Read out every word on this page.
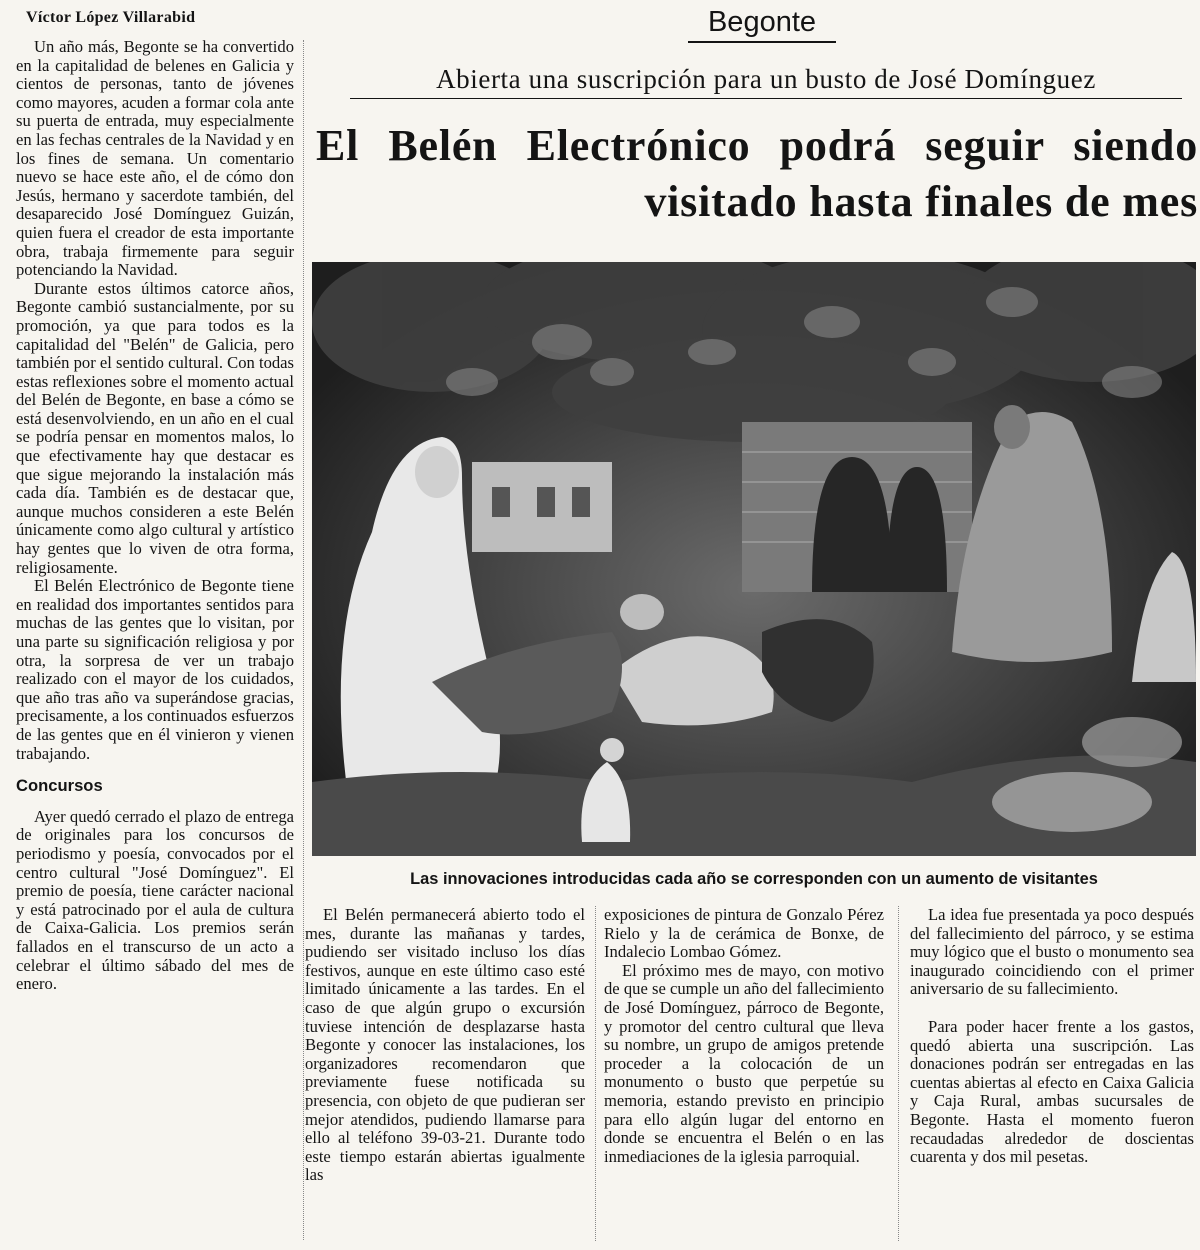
Víctor López Villarabid	Begonte
Abierta una suscripción para un busto de José Domínguez
El Belén Electrónico podrá seguir siendo visitado hasta finales de mes

Un año más, Begonte se ha convertido en la capitalidad de belenes en Galicia y cientos de personas, tanto de jóvenes como mayores, acuden a formar cola ante su puerta de entrada, muy especialmente en las fechas centrales de la Navidad y en los fines de semana. Un comentario nuevo se hace este año, el de cómo don Jesús, hermano y sacerdote también, del desaparecido José Domínguez Guizán, quien fuera el creador de esta importante obra, trabaja firmemente para seguir potenciando la Navidad.

Durante estos últimos catorce años, Begonte cambió sustancialmente, por su promoción, ya que para todos es la capitalidad del "Belén" de Galicia, pero también por el sentido cultural. Con todas estas reflexiones sobre el momento actual del Belén de Begonte, en base a cómo se está desenvolviendo, en un año en el cual se podría pensar en momentos malos, lo que efectivamente hay que destacar es que sigue mejorando la instalación más cada día. También es de destacar que, aunque muchos consideren a este Belén únicamente como algo cultural y artístico hay gentes que lo viven de otra forma, religiosamente.

El Belén Electrónico de Begonte tiene en realidad dos importantes sentidos para muchas de las gentes que lo visitan, por una parte su significación religiosa y por otra, la sorpresa de ver un trabajo realizado con el mayor de los cuidados, que año tras año va superándose gracias, precisamente, a los continuados esfuerzos de las gentes que en él vinieron y vienen trabajando.

Concursos

Ayer quedó cerrado el plazo de entrega de originales para los concursos de periodismo y poesía, convocados por el centro cultural "José Domínguez". El premio de poesía, tiene carácter nacional y está patrocinado por el aula de cultura de Caixa-Galicia. Los premios serán fallados en el transcurso de un acto a celebrar el último sábado del mes de enero.

Las innovaciones introducidas cada año se corresponden con un aumento de visitantes

El Belén permanecerá abierto todo el mes, durante las mañanas y tardes, pudiendo ser visitado incluso los días festivos, aunque en este último caso esté limitado únicamente a las tardes. En el caso de que algún grupo o excursión tuviese intención de desplazarse hasta Begonte y conocer las instalaciones, los organizadores recomendaron que previamente fuese notificada su presencia, con objeto de que pudieran ser mejor atendidos, pudiendo llamarse para ello al teléfono 39-03-21. Durante todo este tiempo estarán abiertas igualmente las

exposiciones de pintura de Gonzalo Pérez Rielo y la de cerámica de Bonxe, de Indalecio Lombao Gómez.

El próximo mes de mayo, con motivo de que se cumple un año del fallecimiento de José Domínguez, párroco de Begonte, y promotor del centro cultural que lleva su nombre, un grupo de amigos pretende proceder a la colocación de un monumento o busto que perpetúe su memoria, estando previsto en principio para ello algún lugar del entorno en donde se encuentra el Belén o en las inmediaciones de la iglesia parroquial.

La idea fue presentada ya poco después del fallecimiento del párroco, y se estima muy lógico que el busto o monumento sea inaugurado coincidiendo con el primer aniversario de su fallecimiento.

Para poder hacer frente a los gastos, quedó abierta una suscripción. Las donaciones podrán ser entregadas en las cuentas abiertas al efecto en Caixa Galicia y Caja Rural, ambas sucursales de Begonte. Hasta el momento fueron recaudadas alrededor de doscientas cuarenta y dos mil pesetas.
